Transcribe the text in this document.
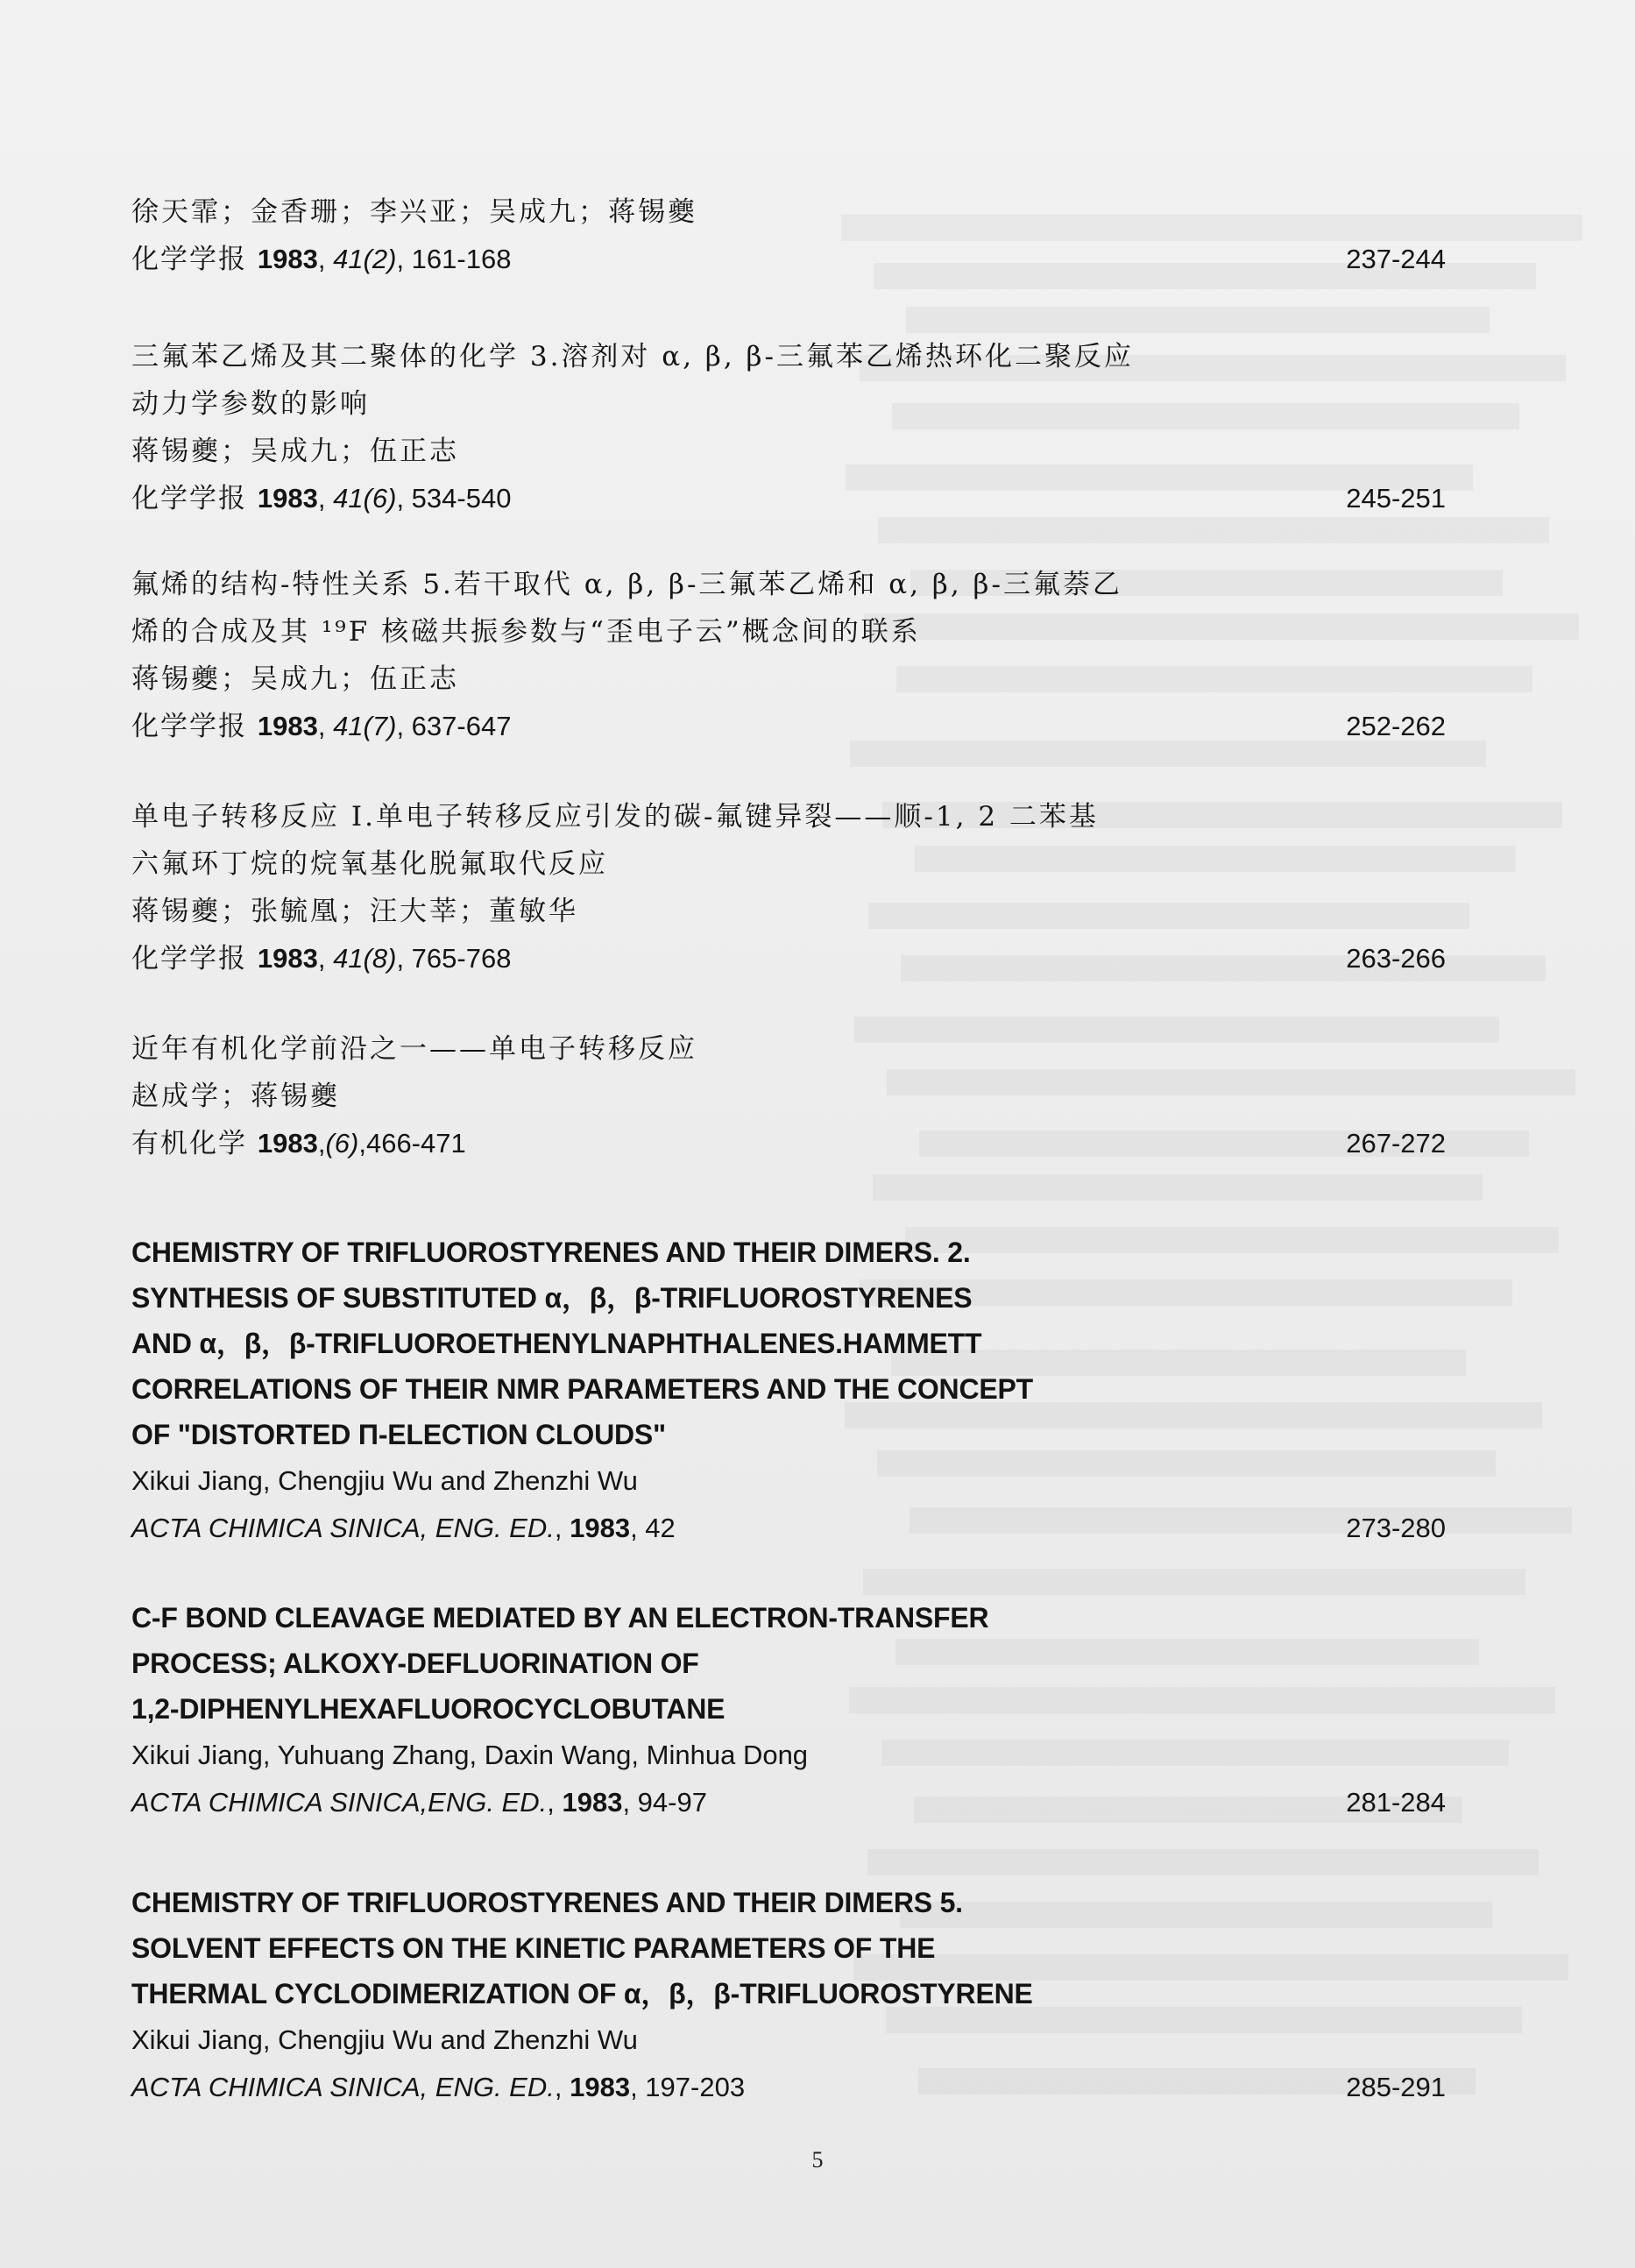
徐天霏；金香珊；李兴亚；吴成九；蒋锡夔
化学学报 1983, 41(2), 161-168	237-244
三氟苯乙烯及其二聚体的化学 3.溶剂对 α, β, β-三氟苯乙烯热环化二聚反应
动力学参数的影响
蒋锡夔；吴成九；伍正志
化学学报 1983, 41(6), 534-540	245-251
氟烯的结构-特性关系 5.若干取代 α, β, β-三氟苯乙烯和 α, β, β-三氟萘乙
烯的合成及其 ¹⁹F 核磁共振参数与“歪电子云”概念间的联系
蒋锡夔；吴成九；伍正志
化学学报 1983, 41(7), 637-647	252-262
单电子转移反应 Ⅰ.单电子转移反应引发的碳-氟键异裂——顺-1, 2 二苯基
六氟环丁烷的烷氧基化脱氟取代反应
蒋锡夔；张毓凰；汪大莘；董敏华
化学学报 1983, 41(8), 765-768	263-266
近年有机化学前沿之一——单电子转移反应
赵成学；蒋锡夔
有机化学 1983,(6),466-471	267-272
CHEMISTRY OF TRIFLUOROSTYRENES AND THEIR DIMERS. 2.
SYNTHESIS OF SUBSTITUTED α，β，β-TRIFLUOROSTYRENES
AND α，β，β-TRIFLUOROETHENYLNAPHTHALENES.HAMMETT
CORRELATIONS OF THEIR NMR PARAMETERS AND THE CONCEPT
OF "DISTORTED Π-ELECTION CLOUDS"
Xikui Jiang, Chengjiu Wu and Zhenzhi Wu
ACTA CHIMICA SINICA, ENG. ED., 1983, 42	273-280
C-F BOND CLEAVAGE MEDIATED BY AN ELECTRON-TRANSFER
PROCESS; ALKOXY-DEFLUORINATION OF
1,2-DIPHENYLHEXAFLUOROCYCLOBUTANE
Xikui Jiang, Yuhuang Zhang, Daxin Wang, Minhua Dong
ACTA CHIMICA SINICA,ENG. ED., 1983, 94-97	281-284
CHEMISTRY OF TRIFLUOROSTYRENES AND THEIR DIMERS 5.
SOLVENT EFFECTS ON THE KINETIC PARAMETERS OF THE
THERMAL CYCLODIMERIZATION OF α，β，β-TRIFLUOROSTYRENE
Xikui Jiang, Chengjiu Wu and Zhenzhi Wu
ACTA CHIMICA SINICA, ENG. ED., 1983, 197-203	285-291
5
